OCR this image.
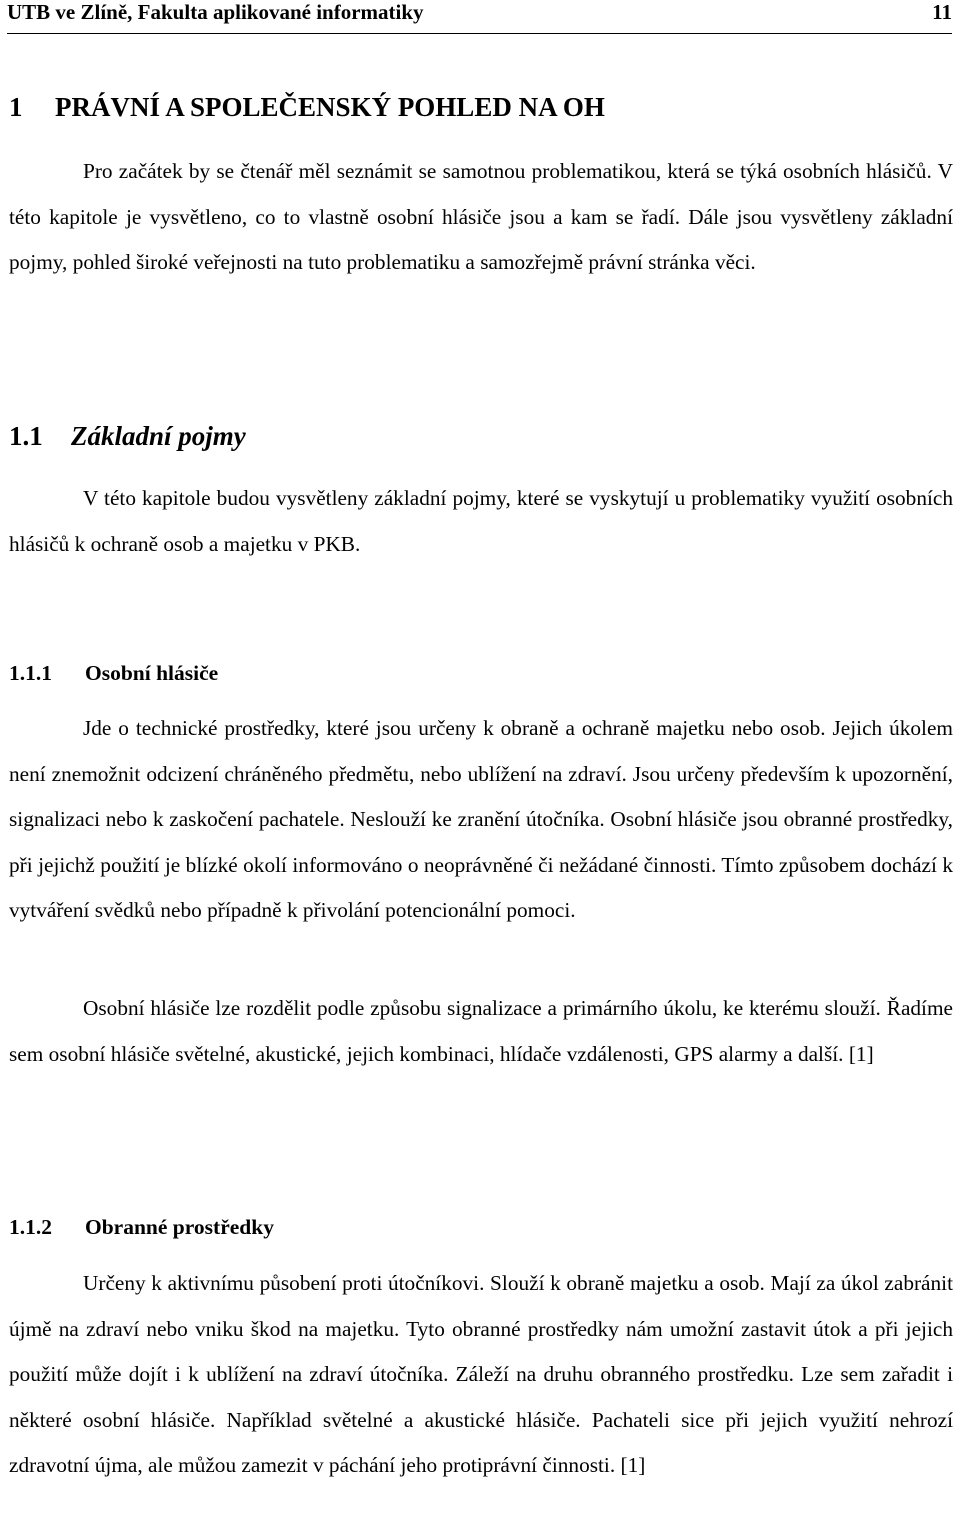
UTB ve Zlíně, Fakulta aplikované informatiky	11
1 PRÁVNÍ A SPOLEČENSKÝ POHLED NA OH

Pro začátek by se čtenář měl seznámit se samotnou problematikou, která se týká osobních hlásičů. V této kapitole je vysvětleno, co to vlastně osobní hlásiče jsou a kam se řadí. Dále jsou vysvětleny základní pojmy, pohled široké veřejnosti na tuto problematiku a samozřejmě právní stránka věci.

1.1 Základní pojmy

V této kapitole budou vysvětleny základní pojmy, které se vyskytují u problematiky využití osobních hlásičů k ochraně osob a majetku v PKB.

1.1.1 Osobní hlásiče

Jde o technické prostředky, které jsou určeny k obraně a ochraně majetku nebo osob. Jejich úkolem není znemožnit odcizení chráněného předmětu, nebo ublížení na zdraví. Jsou určeny především k upozornění, signalizaci nebo k zaskočení pachatele. Neslouží ke zranění útočníka. Osobní hlásiče jsou obranné prostředky, při jejichž použití je blízké okolí informováno o neoprávněné či nežádané činnosti. Tímto způsobem dochází k vytváření svědků nebo případně k přivolání potencionální pomoci.

Osobní hlásiče lze rozdělit podle způsobu signalizace a primárního úkolu, ke kterému slouží. Řadíme sem osobní hlásiče světelné, akustické, jejich kombinaci, hlídače vzdálenosti, GPS alarmy a další. [1]

1.1.2 Obranné prostředky

Určeny k aktivnímu působení proti útočníkovi. Slouží k obraně majetku a osob. Mají za úkol zabránit újmě na zdraví nebo vniku škod na majetku. Tyto obranné prostředky nám umožní zastavit útok a při jejich použití může dojít i k ublížení na zdraví útočníka. Záleží na druhu obranného prostředku. Lze sem zařadit i některé osobní hlásiče. Například světelné a akustické hlásiče. Pachateli sice při jejich využití nehrozí zdravotní újma, ale můžou zamezit v páchání jeho protiprávní činnosti. [1]
